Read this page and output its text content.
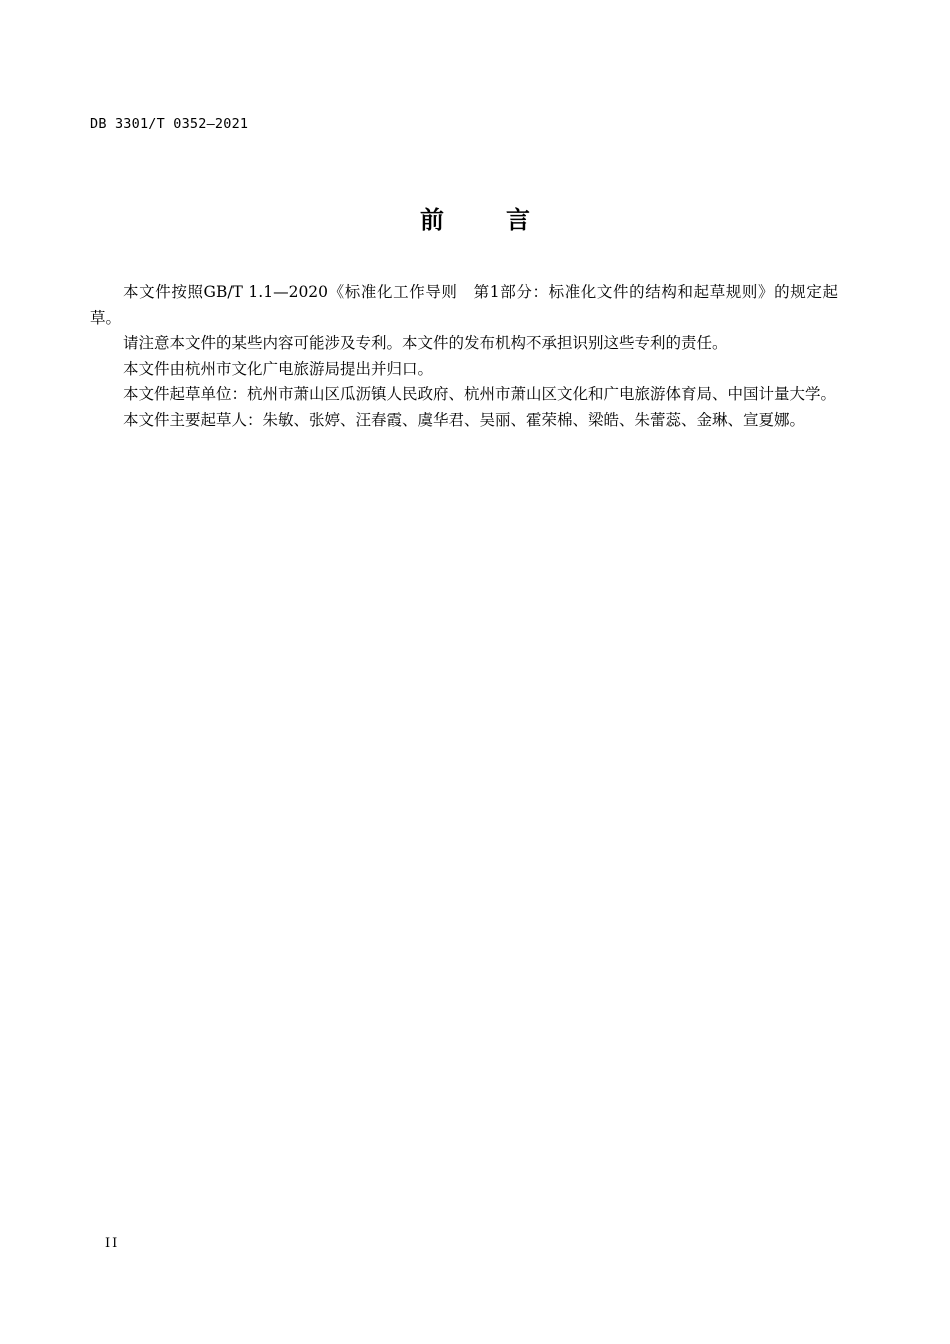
DB 3301/T 0352—2021
前	言

本文件按照GB/T 1.1—2020《标准化工作导则　第1部分：标准化文件的结构和起草规则》的规定起草。

请注意本文件的某些内容可能涉及专利。本文件的发布机构不承担识别这些专利的责任。

本文件由杭州市文化广电旅游局提出并归口。

本文件起草单位：杭州市萧山区瓜沥镇人民政府、杭州市萧山区文化和广电旅游体育局、中国计量大学。

本文件主要起草人：朱敏、张婷、汪春霞、虞华君、吴丽、霍荣棉、梁皓、朱蕾蕊、金琳、宣夏娜。

II
